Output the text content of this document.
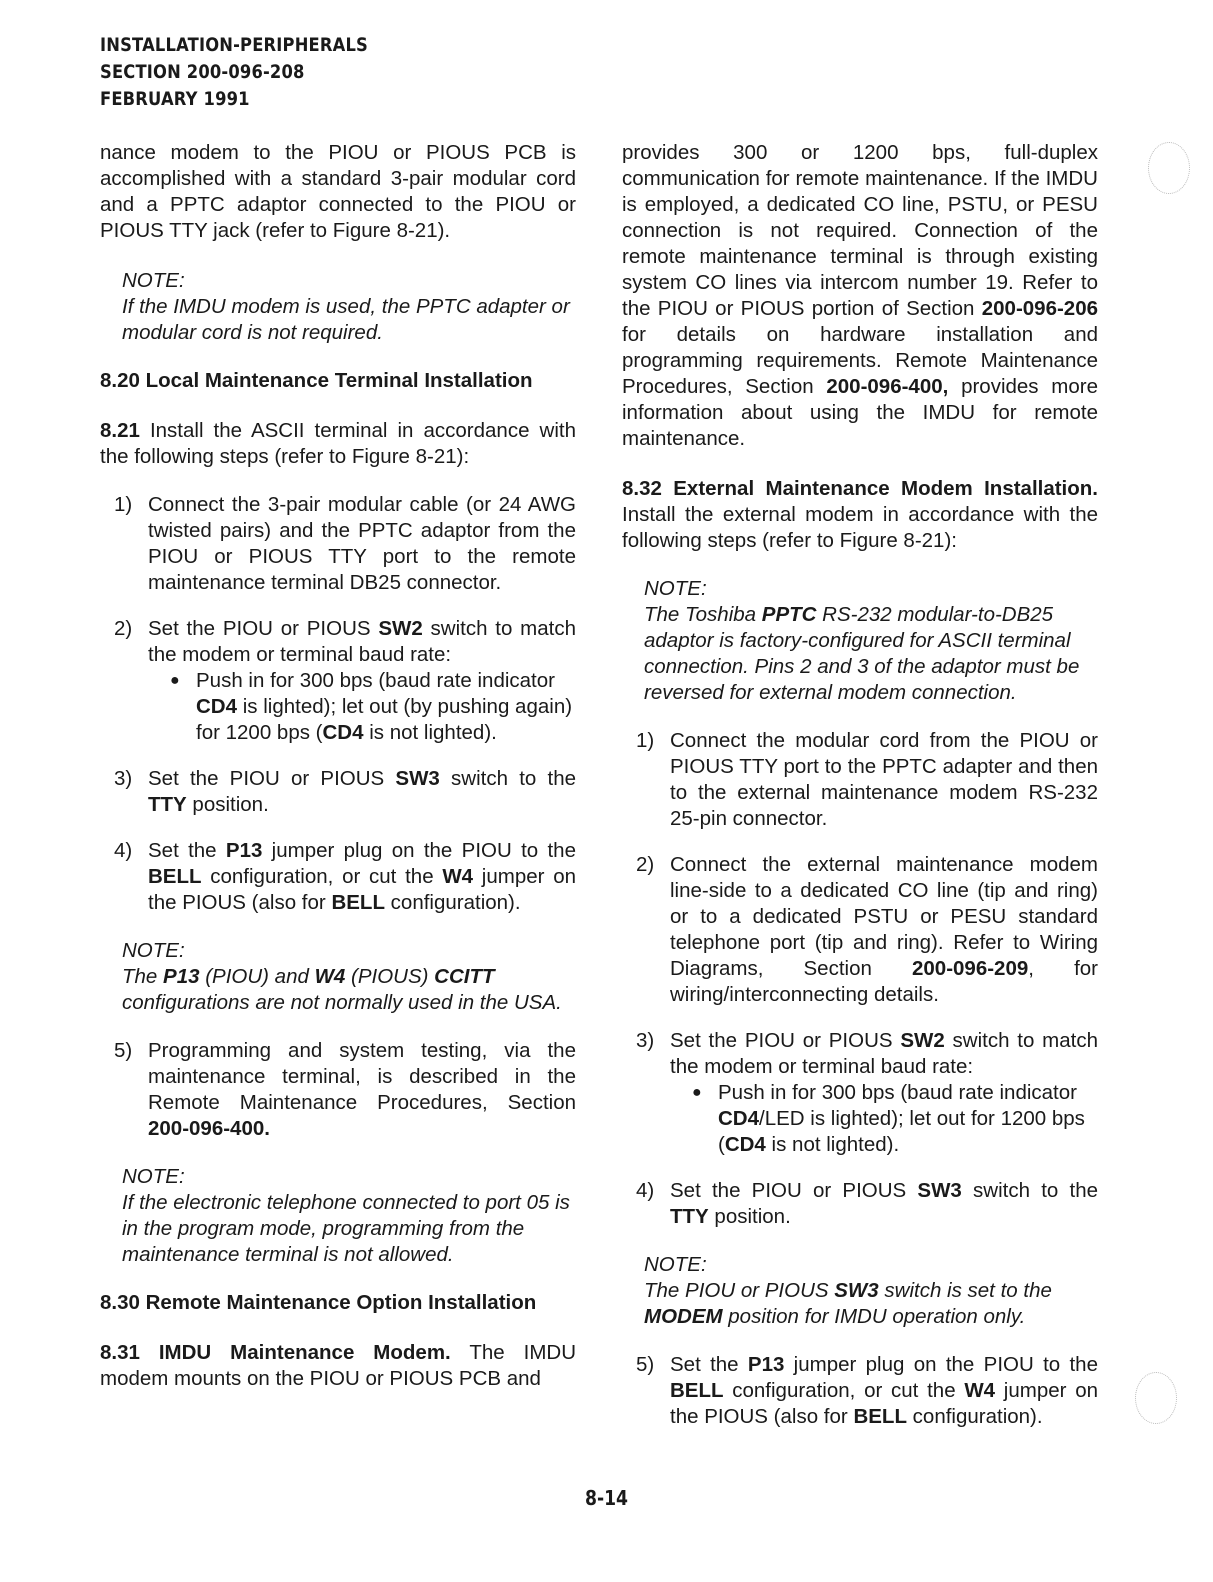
INSTALLATION-PERIPHERALS
SECTION 200-096-208
FEBRUARY 1991

nance modem to the PIOU or PIOUS PCB is accomplished with a standard 3-pair modular cord and a PPTC adaptor connected to the PIOU or PIOUS TTY jack (refer to Figure 8-21).

NOTE:
If the IMDU modem is used, the PPTC adapter or modular cord is not required.
8.20 Local Maintenance Terminal Installation

8.21 Install the ASCII terminal in accordance with the following steps (refer to Figure 8-21):

1) Connect the 3-pair modular cable (or 24 AWG twisted pairs) and the PPTC adaptor from the PIOU or PIOUS TTY port to the remote maintenance terminal DB25 connector.
2) Set the PIOU or PIOUS SW2 switch to match the modem or terminal baud rate:
● Push in for 300 bps (baud rate indicator CD4 is lighted); let out (by pushing again) for 1200 bps (CD4 is not lighted).
3) Set the PIOU or PIOUS SW3 switch to the TTY position.
4) Set the P13 jumper plug on the PIOU to the BELL configuration, or cut the W4 jumper on the PIOUS (also for BELL configuration).
NOTE:
The P13 (PIOU) and W4 (PIOUS) CCITT configurations are not normally used in the USA.
5) Programming and system testing, via the maintenance terminal, is described in the Remote Maintenance Procedures, Section 200-096-400.
NOTE:
If the electronic telephone connected to port 05 is in the program mode, programming from the maintenance terminal is not allowed.
8.30 Remote Maintenance Option Installation

8.31 IMDU Maintenance Modem. The IMDU modem mounts on the PIOU or PIOUS PCB and

provides 300 or 1200 bps, full-duplex communication for remote maintenance. If the IMDU is employed, a dedicated CO line, PSTU, or PESU connection is not required. Connection of the remote maintenance terminal is through existing system CO lines via intercom number 19. Refer to the PIOU or PIOUS portion of Section 200-096-206 for details on hardware installation and programming requirements. Remote Maintenance Procedures, Section 200-096-400, provides more information about using the IMDU for remote maintenance.

8.32 External Maintenance Modem Installation. Install the external modem in accordance with the following steps (refer to Figure 8-21):

NOTE:
The Toshiba PPTC RS-232 modular-to-DB25 adaptor is factory-configured for ASCII terminal connection. Pins 2 and 3 of the adaptor must be reversed for external modem connection.
1) Connect the modular cord from the PIOU or PIOUS TTY port to the PPTC adapter and then to the external maintenance modem RS-232 25-pin connector.
2) Connect the external maintenance modem line-side to a dedicated CO line (tip and ring) or to a dedicated PSTU or PESU standard telephone port (tip and ring). Refer to Wiring Diagrams, Section 200-096-209, for wiring/interconnecting details.
3) Set the PIOU or PIOUS SW2 switch to match the modem or terminal baud rate:
● Push in for 300 bps (baud rate indicator CD4/LED is lighted); let out for 1200 bps (CD4 is not lighted).
4) Set the PIOU or PIOUS SW3 switch to the TTY position.
NOTE:
The PIOU or PIOUS SW3 switch is set to the MODEM position for IMDU operation only.
5) Set the P13 jumper plug on the PIOU to the BELL configuration, or cut the W4 jumper on the PIOUS (also for BELL configuration).
8-14
